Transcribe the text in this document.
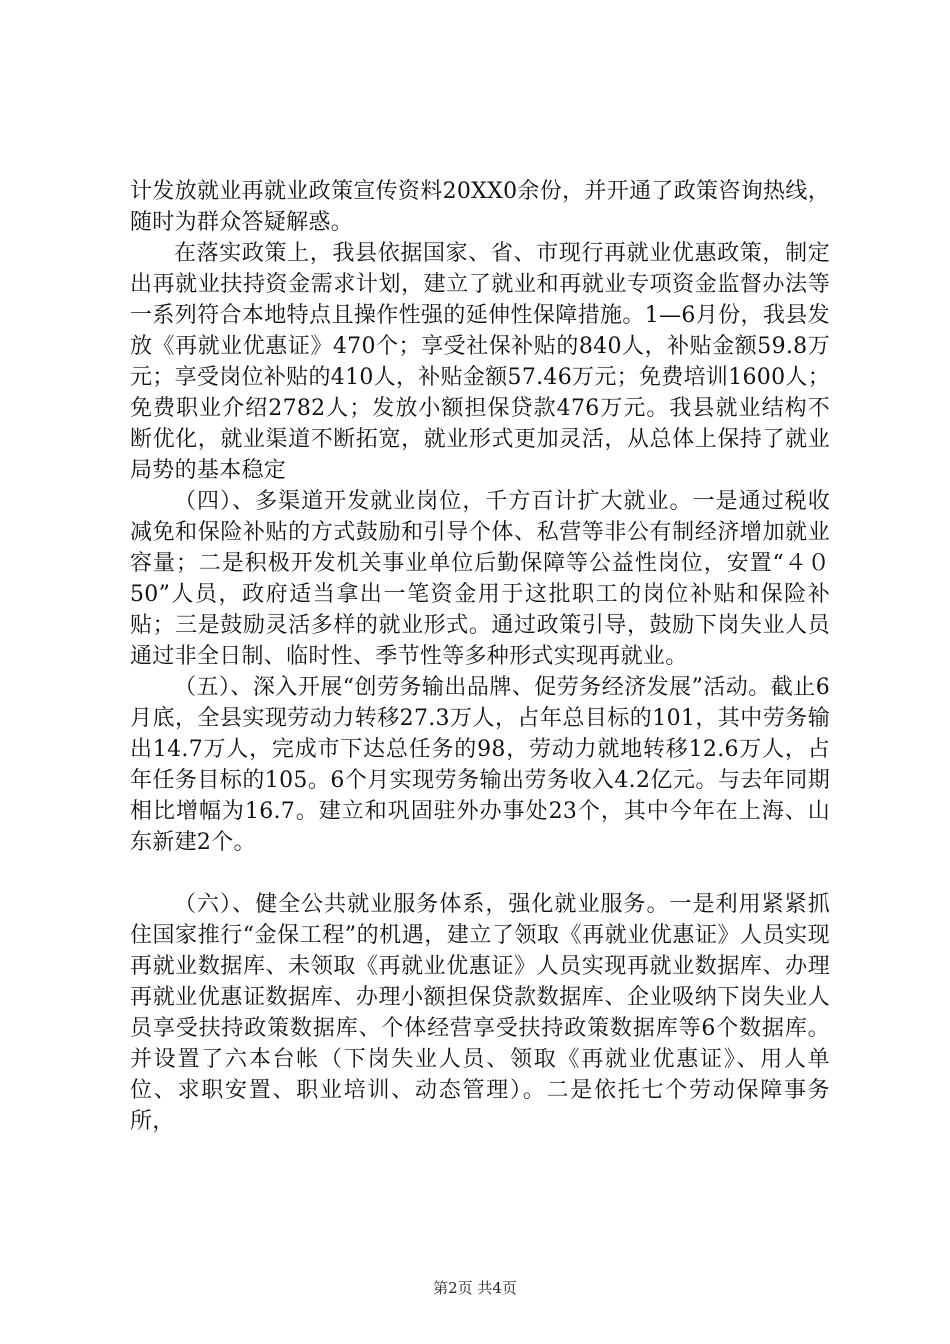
计发放就业再就业政策宣传资料20XX0余份，并开通了政策咨询热线，随时为群众答疑解惑。

在落实政策上，我县依据国家、省、市现行再就业优惠政策，制定出再就业扶持资金需求计划，建立了就业和再就业专项资金监督办法等一系列符合本地特点且操作性强的延伸性保障措施。1—6月份，我县发放《再就业优惠证》470个；享受社保补贴的840人，补贴金额59.8万元；享受岗位补贴的410人，补贴金额57.46万元；免费培训1600人；免费职业介绍2782人；发放小额担保贷款476万元。我县就业结构不断优化，就业渠道不断拓宽，就业形式更加灵活，从总体上保持了就业局势的基本稳定

（四）、多渠道开发就业岗位，千方百计扩大就业。一是通过税收减免和保险补贴的方式鼓励和引导个体、私营等非公有制经济增加就业容量；二是积极开发机关事业单位后勤保障等公益性岗位，安置“４０50”人员，政府适当拿出一笔资金用于这批职工的岗位补贴和保险补贴；三是鼓励灵活多样的就业形式。通过政策引导，鼓励下岗失业人员通过非全日制、临时性、季节性等多种形式实现再就业。

（五）、深入开展“创劳务输出品牌、促劳务经济发展”活动。截止6月底，全县实现劳动力转移27.3万人，占年总目标的101，其中劳务输出14.7万人，完成市下达总任务的98，劳动力就地转移12.6万人，占年任务目标的105。6个月实现劳务输出劳务收入4.2亿元。与去年同期相比增幅为16.7。建立和巩固驻外办事处23个，其中今年在上海、山东新建2个。

（六）、健全公共就业服务体系，强化就业服务。一是利用紧紧抓住国家推行“金保工程”的机遇，建立了领取《再就业优惠证》人员实现再就业数据库、未领取《再就业优惠证》人员实现再就业数据库、办理再就业优惠证数据库、办理小额担保贷款数据库、企业吸纳下岗失业人员享受扶持政策数据库、个体经营享受扶持政策数据库等6个数据库。并设置了六本台帐（下岗失业人员、领取《再就业优惠证》、用人单位、求职安置、职业培训、动态管理）。二是依托七个劳动保障事务所，

第2页 共4页
